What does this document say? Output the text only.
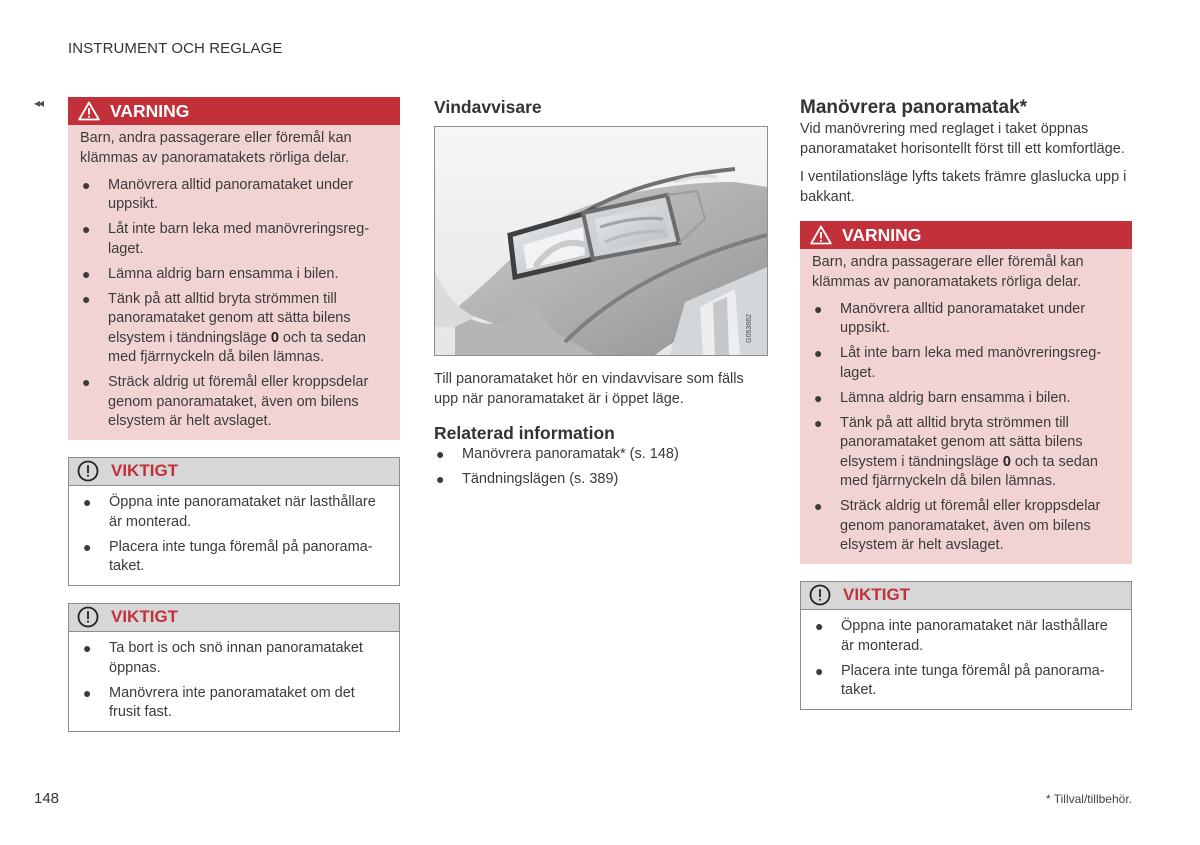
INSTRUMENT OCH REGLAGE
◂◂	VARNING
Barn, andra passagerare eller föremål kan klämmas av panoramatakets rörliga delar.
● Manövrera alltid panoramataket under uppsikt.
● Låt inte barn leka med manövreringsreglaget.
● Lämna aldrig barn ensamma i bilen.
● Tänk på att alltid bryta strömmen till panoramataket genom att sätta bilens elsystem i tändningsläge 0 och ta sedan med fjärrnyckeln då bilen lämnas.
● Sträck aldrig ut föremål eller kroppsdelar genom panoramataket, även om bilens elsystem är helt avslaget.
VIKTIGT
● Öppna inte panoramataket när lasthållare är monterad.
● Placera inte tunga föremål på panoramataket.
VIKTIGT
● Ta bort is och snö innan panoramataket öppnas.
● Manövrera inte panoramataket om det frusit fast.
Vindavvisare
G053662

Till panoramataket hör en vindavvisare som fälls upp när panoramataket är i öppet läge.

Relaterad information
● Manövrera panoramatak* (s. 148)
● Tändningslägen (s. 389)
Manövrera panoramatak*

Vid manövrering med reglaget i taket öppnas panoramataket horisontellt först till ett komfortläge.

I ventilationsläge lyfts takets främre glaslucka upp i bakkant.

VARNING
Barn, andra passagerare eller föremål kan klämmas av panoramatakets rörliga delar.
● Manövrera alltid panoramataket under uppsikt.
● Låt inte barn leka med manövreringsreglaget.
● Lämna aldrig barn ensamma i bilen.
● Tänk på att alltid bryta strömmen till panoramataket genom att sätta bilens elsystem i tändningsläge 0 och ta sedan med fjärrnyckeln då bilen lämnas.
● Sträck aldrig ut föremål eller kroppsdelar genom panoramataket, även om bilens elsystem är helt avslaget.
VIKTIGT
● Öppna inte panoramataket när lasthållare är monterad.
● Placera inte tunga föremål på panoramataket.
148	* Tillval/tillbehör.
